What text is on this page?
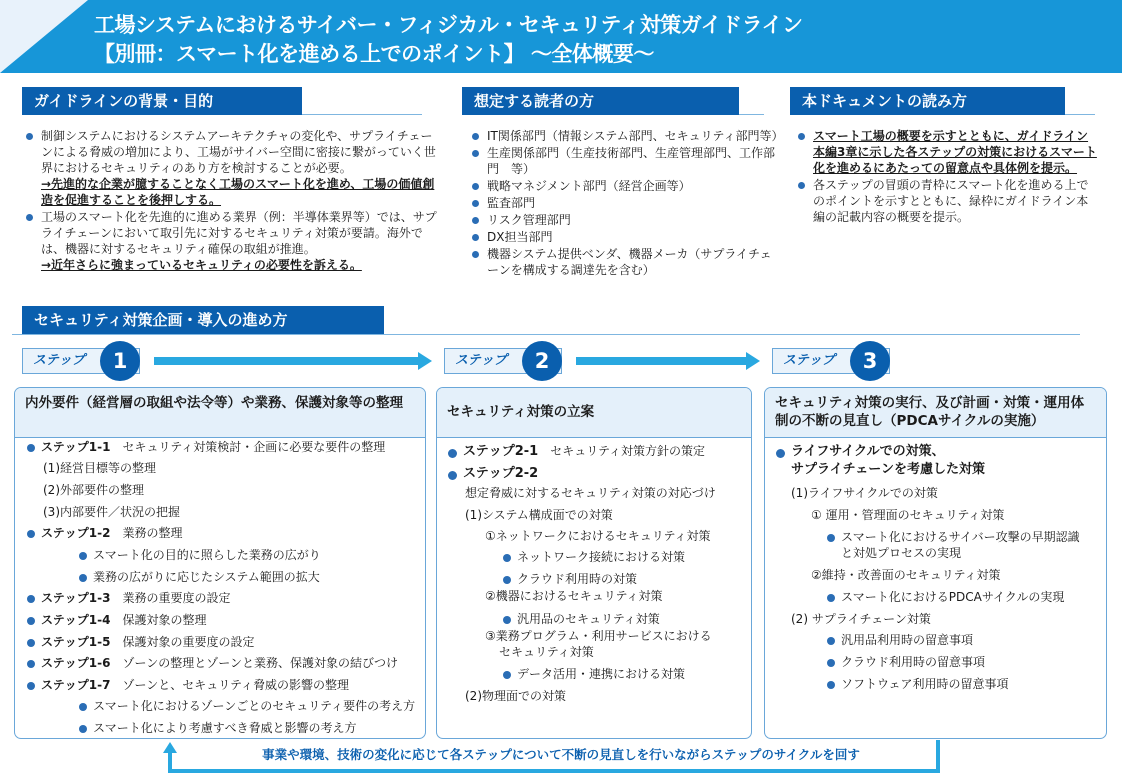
工場システムにおけるサイバー・フィジカル・セキュリティ対策ガイドライン
【別冊：スマート化を進める上でのポイント】 ～全体概要～
ガイドラインの背景・目的	想定する読者の方	本ドキュメントの読み方
制御システムにおけるシステムアーキテクチャの変化や、サプライチェーンによる脅威の増加により、工場がサイバー空間に密接に繋がっていく世界におけるセキュリティのあり方を検討することが必要。
→先進的な企業が臆することなく工場のスマート化を進め、工場の価値創造を促進することを後押しする。
工場のスマート化を先進的に進める業界（例：半導体業界等）では、サプライチェーンにおいて取引先に対するセキュリティ対策が要請。海外では、機器に対するセキュリティ確保の取組が推進。
→近年さらに強まっているセキュリティの必要性を訴える。
IT関係部門（情報システム部門、セキュリティ部門等）
生産関係部門（生産技術部門、生産管理部門、工作部門　等）
戦略マネジメント部門（経営企画等）
監査部門
リスク管理部門
DX担当部門
機器システム提供ベンダ、機器メーカ（サプライチェーンを構成する調達先を含む）
スマート工場の概要を示すとともに、ガイドライン本編3章に示した各ステップの対策におけるスマート化を進めるにあたっての留意点や具体例を提示。
各ステップの冒頭の青枠にスマート化を進める上でのポイントを示すとともに、緑枠にガイドライン本編の記載内容の概要を提示。
セキュリティ対策企画・導入の進め方
ステップ	1	ステップ	2	ステップ	3
内外要件（経営層の取組や法令等）や業務、保護対象等の整理
ステップ1-1　セキュリティ対策検討・企画に必要な要件の整理
(1)経営目標等の整理
(2)外部要件の整理
(3)内部要件／状況の把握
ステップ1-2　業務の整理
スマート化の目的に照らした業務の広がり
業務の広がりに応じたシステム範囲の拡大
ステップ1-3　業務の重要度の設定
ステップ1-4　保護対象の整理
ステップ1-5　保護対象の重要度の設定
ステップ1-6　ゾーンの整理とゾーンと業務、保護対象の結びつけ
ステップ1-7　ゾーンと、セキュリティ脅威の影響の整理
スマート化におけるゾーンごとのセキュリティ要件の考え方
スマート化により考慮すべき脅威と影響の考え方
セキュリティ対策の立案
ステップ2-1　セキュリティ対策方針の策定
ステップ2-2
想定脅威に対するセキュリティ対策の対応づけ
(1)システム構成面での対策
①ネットワークにおけるセキュリティ対策
ネットワーク接続における対策
クラウド利用時の対策
②機器におけるセキュリティ対策
汎用品のセキュリティ対策
③業務プログラム・利用サービスにおける
セキュリティ対策
データ活用・連携における対策
(2)物理面での対策
セキュリティ対策の実行、及び計画・対策・運用体制の不断の見直し（PDCAサイクルの実施）
ライフサイクルでの対策、
サプライチェーンを考慮した対策
(1)ライフサイクルでの対策
① 運用・管理面のセキュリティ対策
スマート化におけるサイバー攻撃の早期認識
と対処プロセスの実現
②維持・改善面のセキュリティ対策
スマート化におけるPDCAサイクルの実現
(2) サプライチェーン対策
汎用品利用時の留意事項
クラウド利用時の留意事項
ソフトウェア利用時の留意事項
事業や環境、技術の変化に応じて各ステップについて不断の見直しを行いながらステップのサイクルを回す
